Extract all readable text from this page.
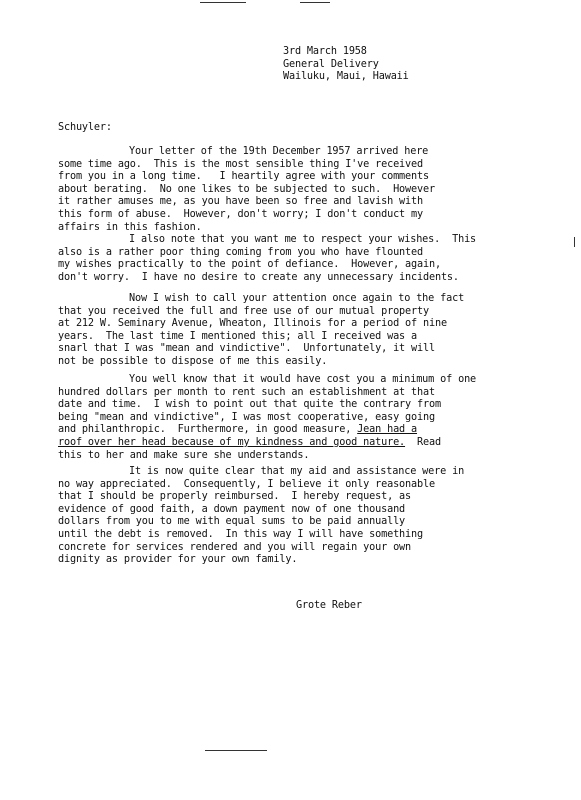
3rd March 1958
General Delivery
Wailuku, Maui, Hawaii
Schuyler:
Your letter of the 19th December 1957 arrived here
some time ago.  This is the most sensible thing I've received
from you in a long time.   I heartily agree with your comments
about berating.  No one likes to be subjected to such.  However
it rather amuses me, as you have been so free and lavish with
this form of abuse.  However, don't worry; I don't conduct my
affairs in this fashion.
I also note that you want me to respect your wishes.  This
also is a rather poor thing coming from you who have flounted
my wishes practically to the point of defiance.  However, again,
don't worry.  I have no desire to create any unnecessary incidents.
Now I wish to call your attention once again to the fact
that you received the full and free use of our mutual property
at 212 W. Seminary Avenue, Wheaton, Illinois for a period of nine
years.  The last time I mentioned this; all I received was a
snarl that I was "mean and vindictive".  Unfortunately, it will
not be possible to dispose of me this easily.
You well know that it would have cost you a minimum of one
hundred dollars per month to rent such an establishment at that
date and time.  I wish to point out that quite the contrary from
being "mean and vindictive", I was most cooperative, easy going
and philanthropic.  Furthermore, in good measure, Jean had a
roof over her head because of my kindness and good nature.  Read
this to her and make sure she understands.
It is now quite clear that my aid and assistance were in
no way appreciated.  Consequently, I believe it only reasonable
that I should be properly reimbursed.  I hereby request, as
evidence of good faith, a down payment now of one thousand
dollars from you to me with equal sums to be paid annually
until the debt is removed.  In this way I will have something
concrete for services rendered and you will regain your own
dignity as provider for your own family.
Grote Reber
